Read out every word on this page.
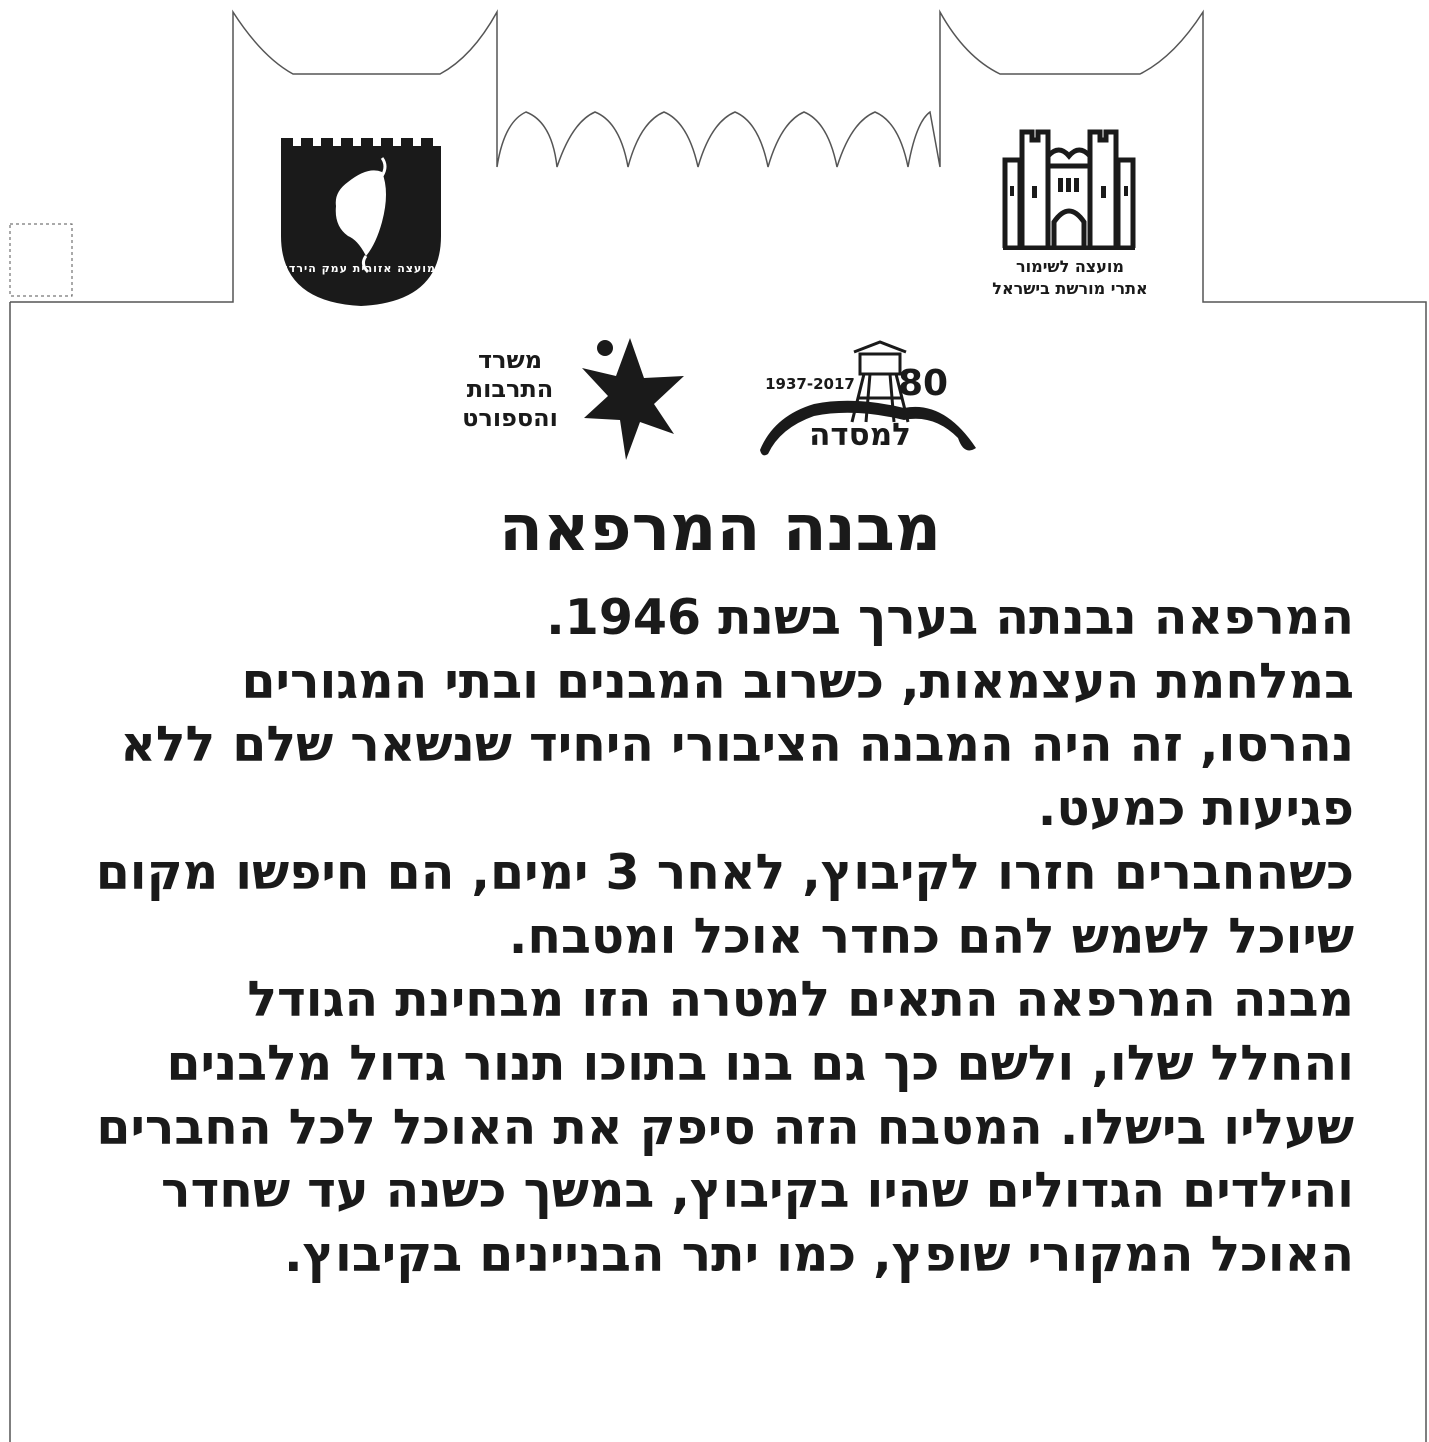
מועצה אזורית עמק הירדן	מועצה לשימור
אתרי מורשת בישראל
משרד
התרבות
והספורט
1937-2017 80
למסדה
מבנה המרפאה

המרפאה נבנתה בערך בשנת 1946.

במלחמת העצמאות, כשרוב המבנים ובתי המגורים נהרסו, זה היה המבנה הציבורי היחיד שנשאר שלם ללא פגיעות כמעט.

כשהחברים חזרו לקיבוץ, לאחר 3 ימים, הם חיפשו מקום שיוכל לשמש להם כחדר אוכל ומטבח.

מבנה המרפאה התאים למטרה הזו מבחינת הגודל והחלל שלו, ולשם כך גם בנו בתוכו תנור גדול מלבנים שעליו בישלו. המטבח הזה סיפק את האוכל לכל החברים והילדים הגדולים שהיו בקיבוץ, במשך כשנה עד שחדר האוכל המקורי שופץ, כמו יתר הבניינים בקיבוץ.
